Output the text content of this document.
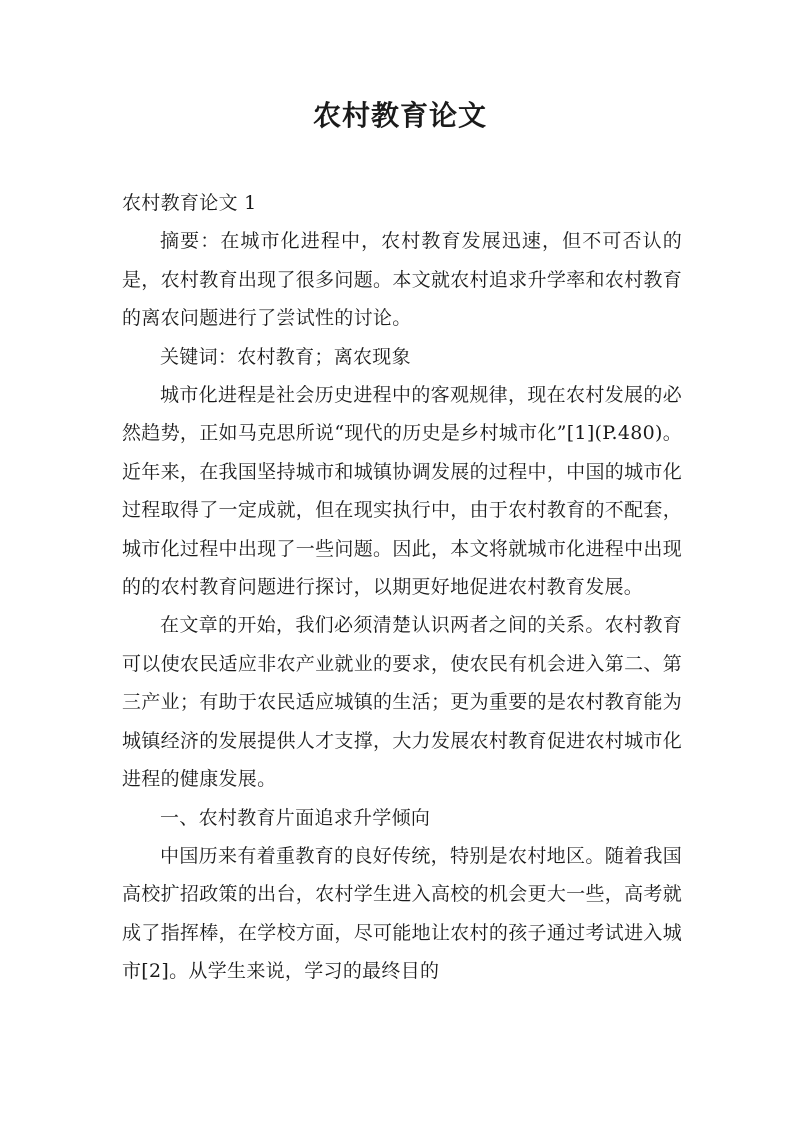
农村教育论文

农村教育论文 1

摘要：在城市化进程中，农村教育发展迅速，但不可否认的是，农村教育出现了很多问题。本文就农村追求升学率和农村教育的离农问题进行了尝试性的讨论。

关键词：农村教育；离农现象

城市化进程是社会历史进程中的客观规律，现在农村发展的必然趋势，正如马克思所说“现代的历史是乡村城市化”[1](P.480)。近年来，在我国坚持城市和城镇协调发展的过程中，中国的城市化过程取得了一定成就，但在现实执行中，由于农村教育的不配套，城市化过程中出现了一些问题。因此，本文将就城市化进程中出现的的农村教育问题进行探讨，以期更好地促进农村教育发展。

在文章的开始，我们必须清楚认识两者之间的关系。农村教育可以使农民适应非农产业就业的要求，使农民有机会进入第二、第三产业；有助于农民适应城镇的生活；更为重要的是农村教育能为城镇经济的发展提供人才支撑，大力发展农村教育促进农村城市化进程的健康发展。

一、农村教育片面追求升学倾向

中国历来有着重教育的良好传统，特别是农村地区。随着我国高校扩招政策的出台，农村学生进入高校的机会更大一些，高考就成了指挥棒，在学校方面，尽可能地让农村的孩子通过考试进入城市[2]。从学生来说，学习的最终目的
